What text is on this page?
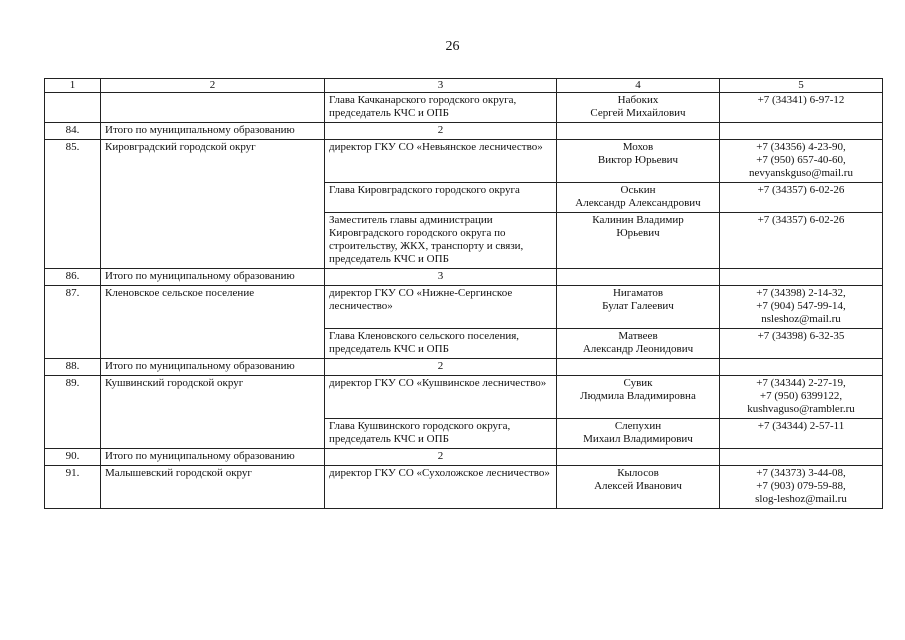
26
1	2	3	4	5
		Глава Качканарского городского округа, председатель КЧС и ОПБ	Набоких
Сергей Михайлович	+7 (34341) 6-97-12

84.	Итого по муниципальному образованию	2		
85.	Кировградский городской округ	директор ГКУ СО «Невьянское лесничество»	Мохов
Виктор Юрьевич	+7 (34356) 4-23-90,
+7 (950) 657-40-60,
nevyanskguso@mail.ru

		Глава Кировградского городского округа	Оськин
Александр Александрович	+7 (34357) 6-02-26

		Заместитель главы администрации Кировградского городского округа по строительству, ЖКХ, транспорту и связи, председатель КЧС и ОПБ	Калинин Владимир
Юрьевич	+7 (34357) 6-02-26

86.	Итого по муниципальному образованию	3		
87.	Кленовское сельское поселение	директор ГКУ СО «Нижне-Сергинское лесничество»	Нигаматов
Булат Галеевич	+7 (34398) 2-14-32,
+7 (904) 547-99-14,
nsleshoz@mail.ru

		Глава Кленовского сельского поселения, председатель КЧС и ОПБ	Матвеев
Александр Леонидович	+7 (34398) 6-32-35

88.	Итого по муниципальному образованию	2		
89.	Кушвинский городской округ	директор ГКУ СО «Кушвинское лесничество»	Сувик
Людмила Владимировна	+7 (34344) 2-27-19,
+7 (950) 6399122,
kushvaguso@rambler.ru

		Глава Кушвинского городского округа, председатель КЧС и ОПБ	Слепухин
Михаил Владимирович	+7 (34344) 2-57-11

90.	Итого по муниципальному образованию	2		
91.	Малышевский городской округ	директор ГКУ СО «Сухоложское лесничество»	Кылосов
Алексей Иванович	+7 (34373) 3-44-08,
+7 (903) 079-59-88,
slog-leshoz@mail.ru
